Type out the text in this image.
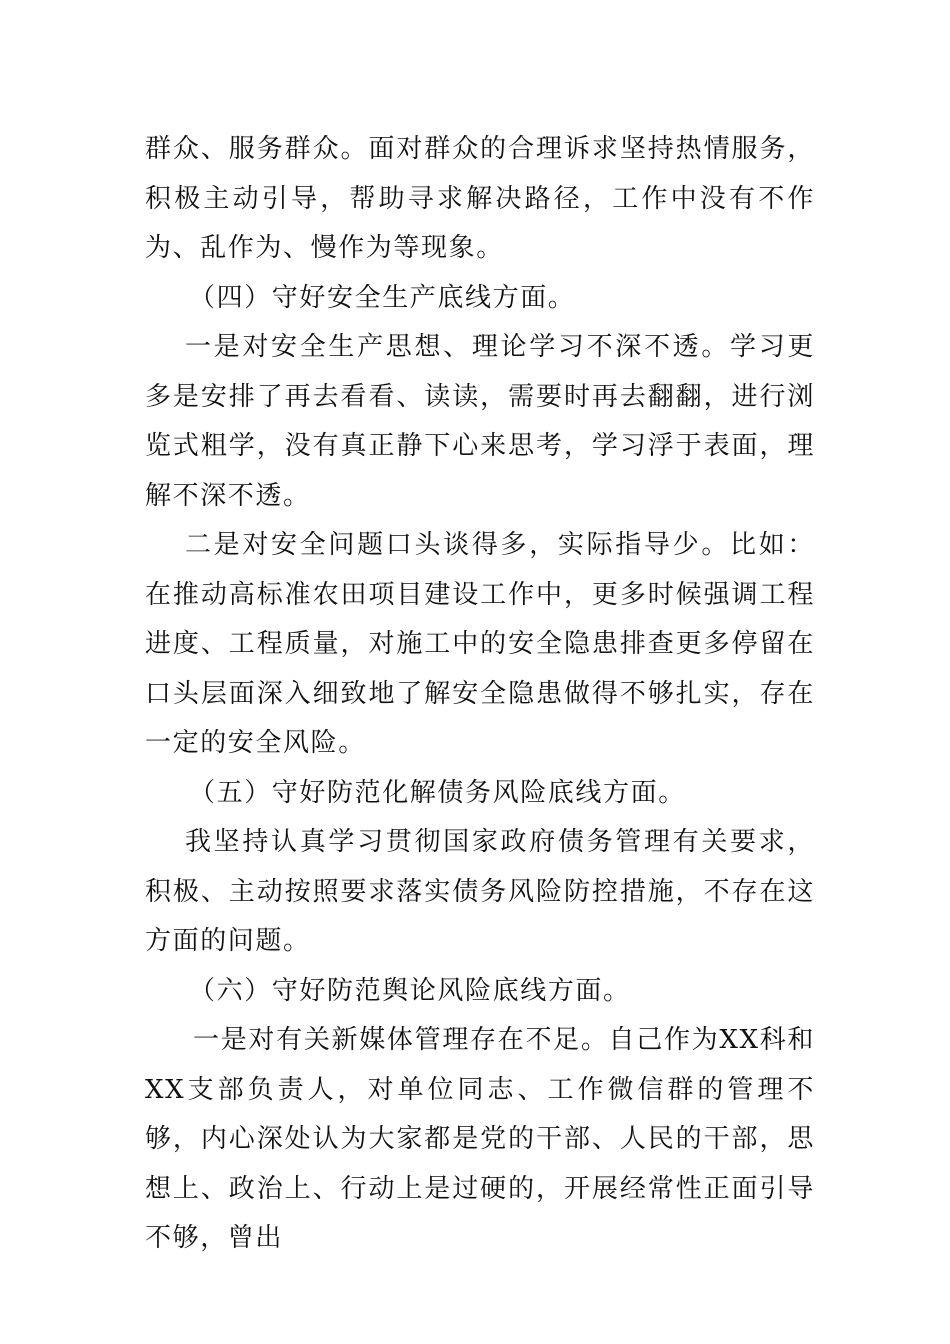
群众、服务群众。面对群众的合理诉求坚持热情服务，积极主动引导，帮助寻求解决路径，工作中没有不作为、乱作为、慢作为等现象。

（四）守好安全生产底线方面。

一是对安全生产思想、理论学习不深不透。学习更多是安排了再去看看、读读，需要时再去翻翻，进行浏览式粗学，没有真正静下心来思考，学习浮于表面，理解不深不透。

二是对安全问题口头谈得多，实际指导少。比如：在推动高标准农田项目建设工作中，更多时候强调工程进度、工程质量，对施工中的安全隐患排查更多停留在口头层面深入细致地了解安全隐患做得不够扎实，存在一定的安全风险。

（五）守好防范化解债务风险底线方面。

我坚持认真学习贯彻国家政府债务管理有关要求，积极、主动按照要求落实债务风险防控措施，不存在这方面的问题。

（六）守好防范舆论风险底线方面。

一是对有关新媒体管理存在不足。自己作为XX科和XX支部负责人，对单位同志、工作微信群的管理不够，内心深处认为大家都是党的干部、人民的干部，思想上、政治上、行动上是过硬的，开展经常性正面引导不够，曾出
